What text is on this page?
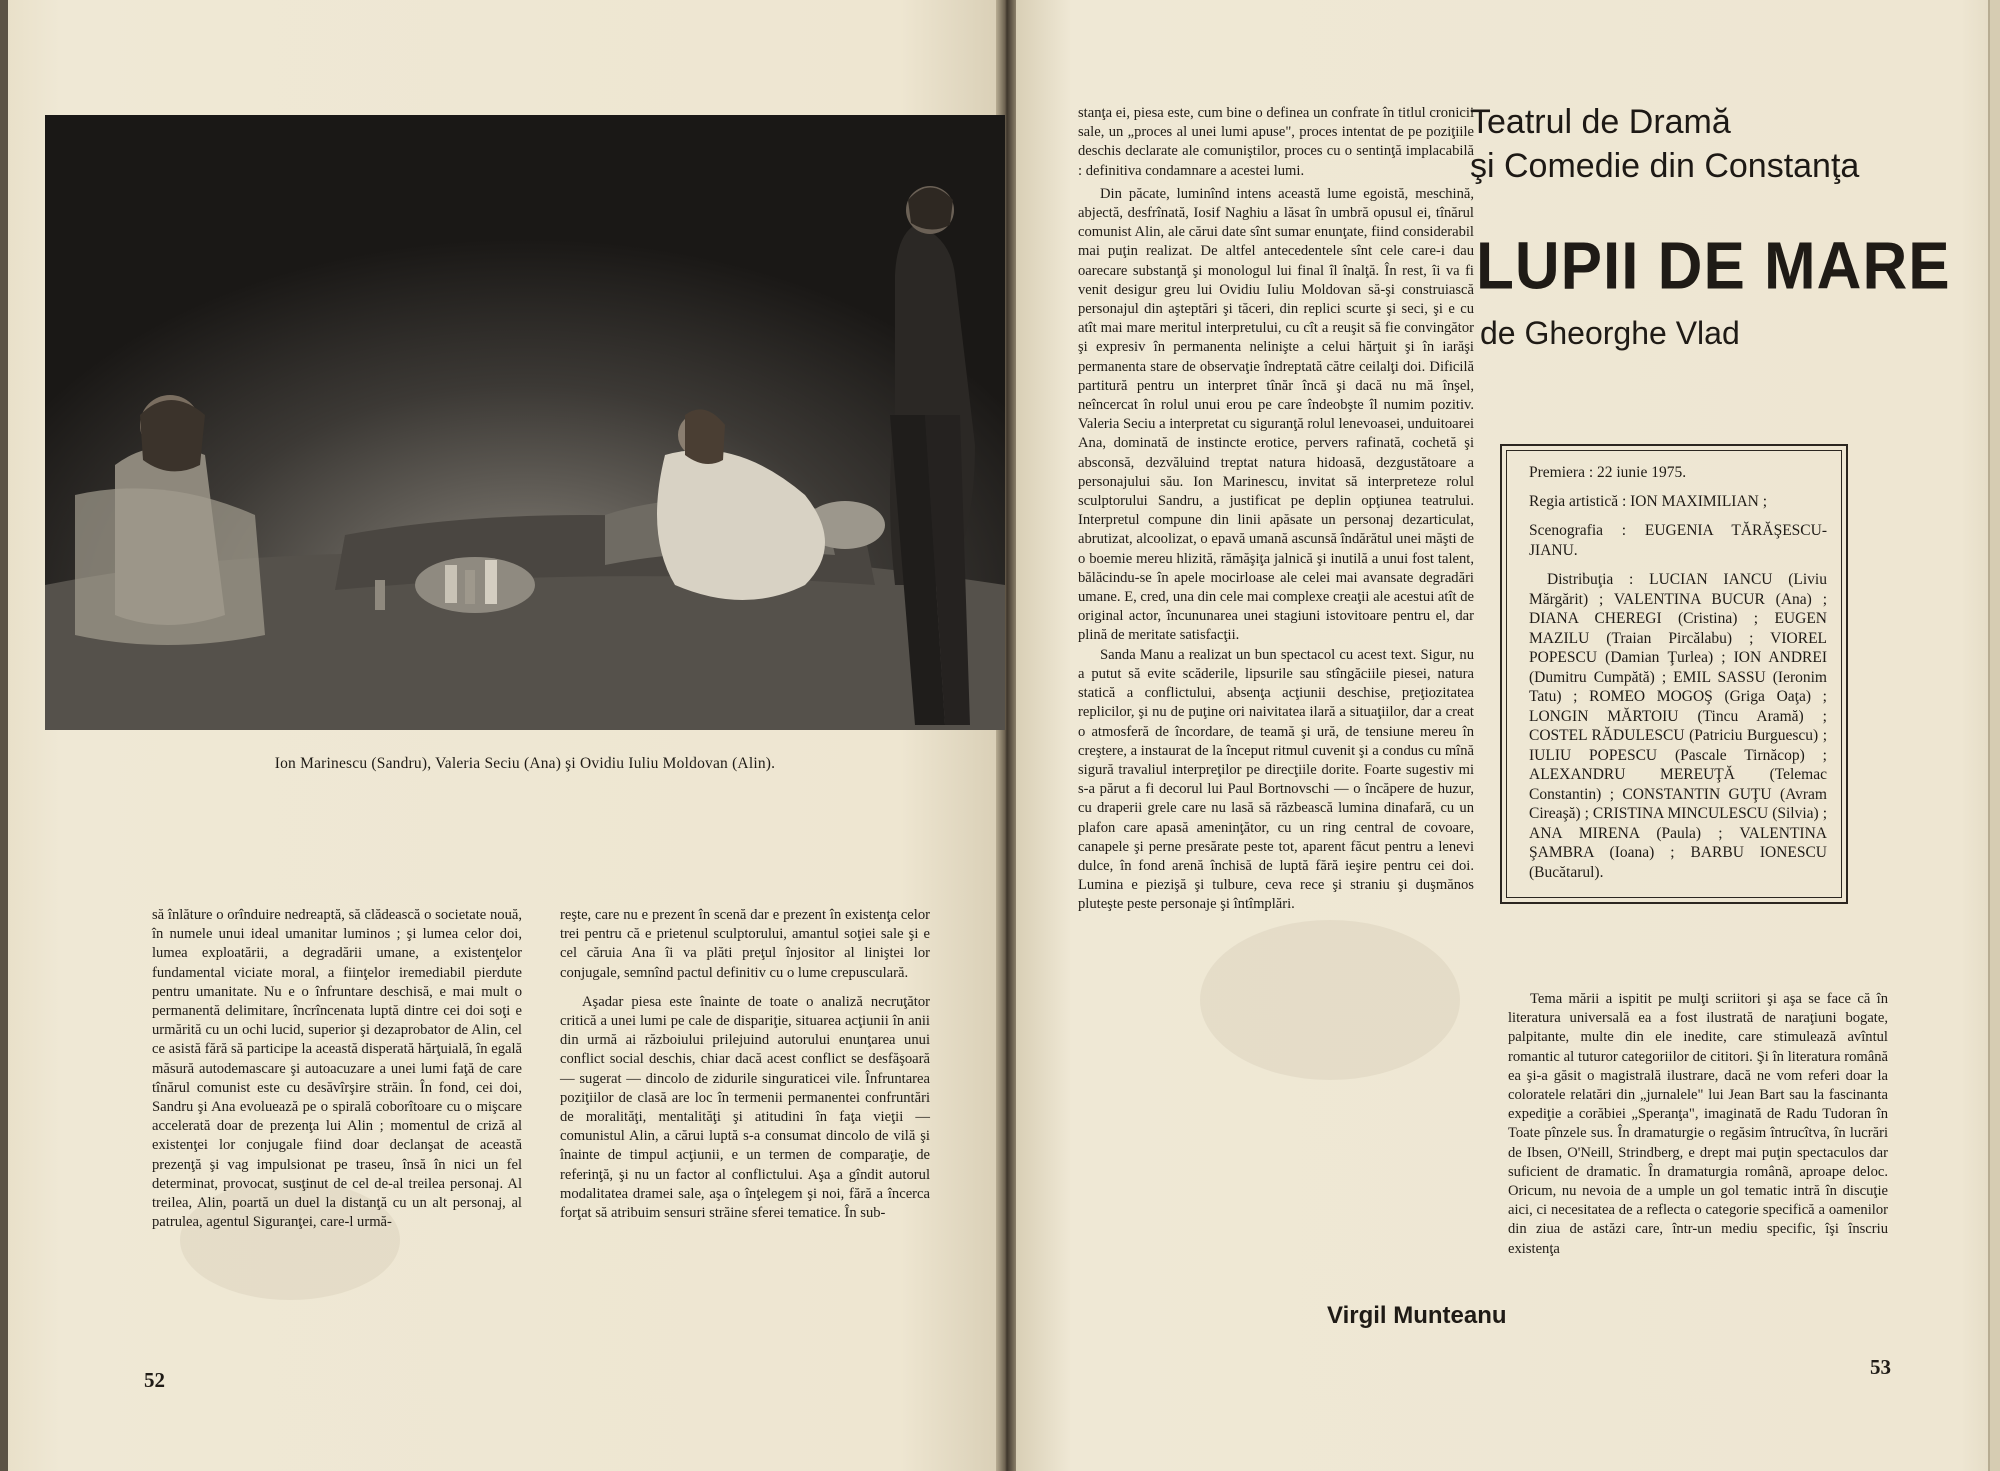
Ion Marinescu (Sandru), Valeria Seciu (Ana) şi Ovidiu Iuliu Moldovan (Alin).

să înlăture o orînduire nedreaptă, să clădească o societate nouă, în numele unui ideal umanitar luminos ; şi lumea celor doi, lumea exploatării, a degradării umane, a existenţelor fundamental viciate moral, a fiinţelor iremediabil pierdute pentru umanitate. Nu e o înfruntare deschisă, e mai mult o permanentă delimitare, încrîncenata luptă dintre cei doi soţi e urmărită cu un ochi lucid, superior şi dezaprobator de Alin, cel ce asistă fără să participe la această disperată hărţuială, în egală măsură autodemascare şi autoacuzare a unei lumi faţă de care tînărul comunist este cu desăvîrşire străin. În fond, cei doi, Sandru şi Ana evoluează pe o spirală coborîtoare cu o mişcare accelerată doar de prezenţa lui Alin ; momentul de criză al existenţei lor conjugale fiind doar declanşat de această prezenţă şi vag impulsionat pe traseu, însă în nici un fel determinat, provocat, susţinut de cel de-al treilea personaj. Al treilea, Alin, poartă un duel la distanţă cu un alt personaj, al patrulea, agentul Siguranţei, care-l urmă-

reşte, care nu e prezent în scenă dar e prezent în existenţa celor trei pentru că e prietenul sculptorului, amantul soţiei sale şi e cel căruia Ana îi va plăti preţul înjositor al liniştei lor conjugale, semnînd pactul definitiv cu o lume crepusculară.

Aşadar piesa este înainte de toate o analiză necruţător critică a unei lumi pe cale de dispariţie, situarea acţiunii în anii din urmă ai războiului prilejuind autorului enunţarea unui conflict social deschis, chiar dacă acest conflict se desfăşoară — sugerat — dincolo de zidurile singuraticei vile. Înfruntarea poziţiilor de clasă are loc în termenii permanentei confruntări de moralităţi, mentalităţi şi atitudini în faţa vieţii — comunistul Alin, a cărui luptă s-a consumat dincolo de vilă şi înainte de timpul acţiunii, e un termen de comparaţie, de referinţă, şi nu un factor al conflictului. Aşa a gîndit autorul modalitatea dramei sale, aşa o înţelegem şi noi, fără a încerca forţat să atribuim sensuri străine sferei tematice. În sub-

52

stanţa ei, piesa este, cum bine o definea un confrate în titlul cronicii sale, un „proces al unei lumi apuse", proces intentat de pe poziţiile deschis declarate ale comuniştilor, proces cu o sentinţă implacabilă : definitiva condamnare a acestei lumi.

Din păcate, luminînd intens această lume egoistă, meschină, abjectă, desfrînată, Iosif Naghiu a lăsat în umbră opusul ei, tînărul comunist Alin, ale cărui date sînt sumar enunţate, fiind considerabil mai puţin realizat. De altfel antecedentele sînt cele care-i dau oarecare substanţă şi monologul lui final îl înalţă. În rest, îi va fi venit desigur greu lui Ovidiu Iuliu Moldovan să-şi construiască personajul din aşteptări şi tăceri, din replici scurte şi seci, şi e cu atît mai mare meritul interpretului, cu cît a reuşit să fie convingător şi expresiv în permanenta nelinişte a celui hărţuit şi în iarăşi permanenta stare de observaţie îndreptată către ceilalţi doi. Dificilă partitură pentru un interpret tînăr încă şi dacă nu mă înşel, neîncercat în rolul unui erou pe care îndeobşte îl numim pozitiv. Valeria Seciu a interpretat cu siguranţă rolul lenevoasei, unduitoarei Ana, dominată de instincte erotice, pervers rafinată, cochetă şi absconsă, dezvăluind treptat natura hidoasă, dezgustătoare a personajului său. Ion Marinescu, invitat să interpreteze rolul sculptorului Sandru, a justificat pe deplin opţiunea teatrului. Interpretul compune din linii apăsate un personaj dezarticulat, abrutizat, alcoolizat, o epavă umană ascunsă îndărătul unei măşti de o boemie mereu hlizită, rămăşiţa jalnică şi inutilă a unui fost talent, bălăcindu-se în apele mocirloase ale celei mai avansate degradări umane. E, cred, una din cele mai complexe creaţii ale acestui atît de original actor, încununarea unei stagiuni istovitoare pentru el, dar plină de meritate satisfacţii.

Sanda Manu a realizat un bun spectacol cu acest text. Sigur, nu a putut să evite scăderile, lipsurile sau stîngăciile piesei, natura statică a conflictului, absenţa acţiunii deschise, preţiozitatea replicilor, şi nu de puţine ori naivitatea ilară a situaţiilor, dar a creat o atmosferă de încordare, de teamă şi ură, de tensiune mereu în creştere, a instaurat de la început ritmul cuvenit şi a condus cu mînă sigură travaliul interpreţilor pe direcţiile dorite. Foarte sugestiv mi s-a părut a fi decorul lui Paul Bortnovschi — o încăpere de huzur, cu draperii grele care nu lasă să răzbească lumina dinafară, cu un plafon care apasă ameninţător, cu un ring central de covoare, canapele şi perne presărate peste tot, aparent făcut pentru a lenevi dulce, în fond arenă închisă de luptă fără ieşire pentru cei doi. Lumina e piezişă şi tulbure, ceva rece şi straniu şi duşmănos pluteşte peste personaje şi întîmplări.

Virgil Munteanu
Teatrul de Dramă
şi Comedie din Constanţa
LUPII DE MARE
de Gheorghe Vlad

Premiera : 22 iunie 1975.

Regia artistică : ION MAXIMILIAN ;

Scenografia : EUGENIA TĂRĂŞESCU-JIANU.

Distribuţia : LUCIAN IANCU (Liviu Mărgărit) ; VALENTINA BUCUR (Ana) ; DIANA CHEREGI (Cristina) ; EUGEN MAZILU (Traian Pircălabu) ; VIOREL POPESCU (Damian Ţurlea) ; ION ANDREI (Dumitru Cumpătă) ; EMIL SASSU (Ieronim Tatu) ; ROMEO MOGOŞ (Griga Oaţa) ; LONGIN MĂRTOIU (Tincu Aramă) ; COSTEL RĂDULESCU (Patriciu Burguescu) ; IULIU POPESCU (Pascale Tirnăcop) ; ALEXANDRU MEREUŢĂ (Telemac Constantin) ; CONSTANTIN GUŢU (Avram Cireaşă) ; CRISTINA MINCULESCU (Silvia) ; ANA MIRENA (Paula) ; VALENTINA ŞAMBRA (Ioana) ; BARBU IONESCU (Bucătarul).

Tema mării a ispitit pe mulţi scriitori şi aşa se face că în literatura universală ea a fost ilustrată de naraţiuni bogate, palpitante, multe din ele inedite, care stimulează avîntul romantic al tuturor categoriilor de cititori. Şi în literatura română ea şi-a găsit o magistrală ilustrare, dacă ne vom referi doar la coloratele relatări din „jurnalele" lui Jean Bart sau la fascinanta expediţie a corăbiei „Speranţa", imaginată de Radu Tudoran în Toate pînzele sus. În dramaturgie o regăsim întrucîtva, în lucrări de Ibsen, O'Neill, Strindberg, e drept mai puţin spectaculos dar suficient de dramatic. În dramaturgia românã, aproape deloc. Oricum, nu nevoia de a umple un gol tematic intră în discuţie aici, ci necesitatea de a reflecta o categorie specifică a oamenilor din ziua de astăzi care, într-un mediu specific, îşi înscriu existenţa

53
